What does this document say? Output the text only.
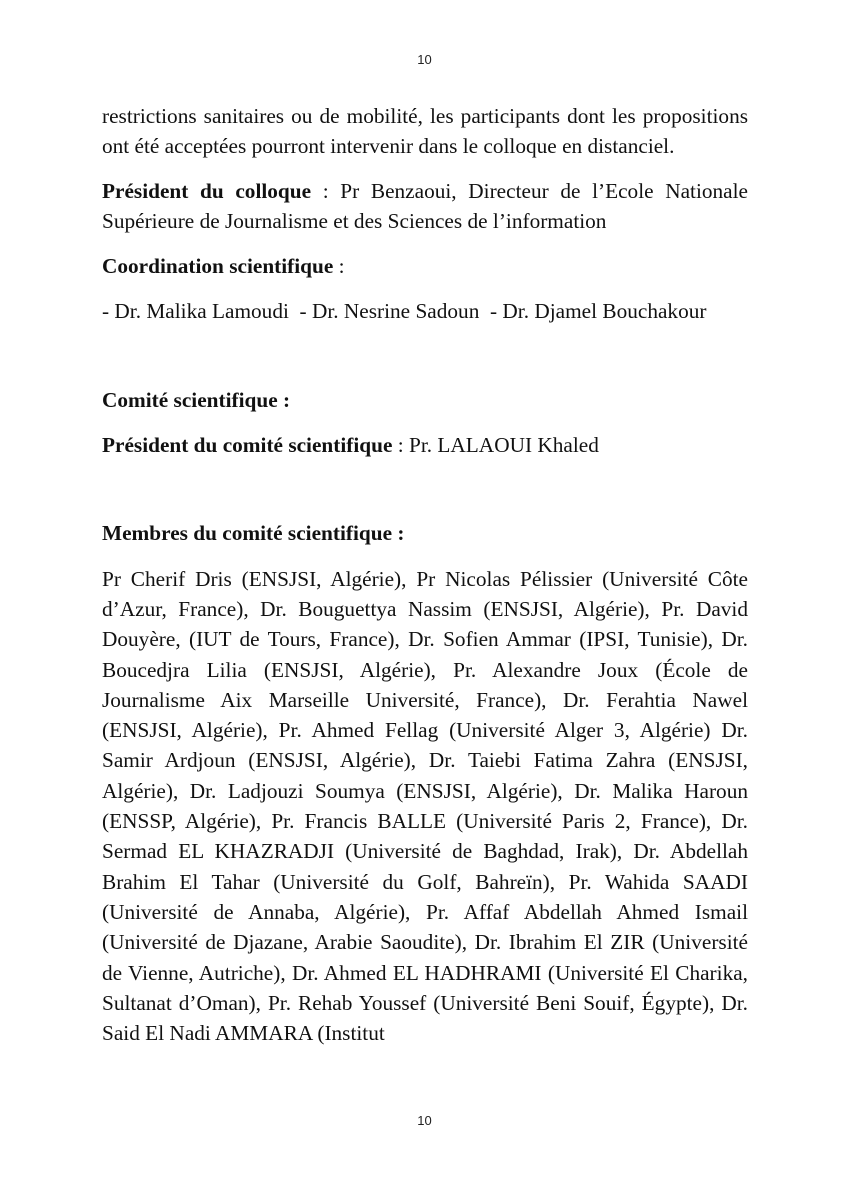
10

restrictions sanitaires ou de mobilité, les participants dont les propositions ont été acceptées pourront intervenir dans le colloque en distanciel.

Président du colloque : Pr Benzaoui, Directeur de l’Ecole Nationale Supérieure de Journalisme et des Sciences de l’information

Coordination scientifique :

- Dr. Malika Lamoudi  - Dr. Nesrine Sadoun  - Dr. Djamel Bouchakour

Comité scientifique :

Président du comité scientifique : Pr. LALAOUI Khaled

Membres du comité scientifique :

Pr Cherif Dris (ENSJSI, Algérie), Pr Nicolas Pélissier (Université Côte d’Azur, France), Dr. Bouguettya Nassim (ENSJSI, Algérie), Pr. David Douyère, (IUT de Tours, France), Dr. Sofien Ammar (IPSI, Tunisie), Dr. Boucedjra Lilia (ENSJSI, Algérie), Pr. Alexandre Joux (École de Journalisme Aix Marseille Université, France), Dr. Ferahtia Nawel (ENSJSI, Algérie), Pr. Ahmed Fellag (Université Alger 3, Algérie) Dr. Samir Ardjoun (ENSJSI, Algérie), Dr. Taiebi Fatima Zahra (ENSJSI, Algérie), Dr. Ladjouzi Soumya (ENSJSI, Algérie), Dr. Malika Haroun (ENSSP, Algérie), Pr. Francis BALLE (Université Paris 2, France), Dr. Sermad EL KHAZRADJI (Université de Baghdad, Irak), Dr. Abdellah Brahim El Tahar (Université du Golf, Bahreïn), Pr. Wahida SAADI (Université de Annaba, Algérie), Pr. Affaf Abdellah Ahmed Ismail (Université de Djazane, Arabie Saoudite), Dr. Ibrahim El ZIR (Université de Vienne, Autriche), Dr. Ahmed EL HADHRAMI (Université El Charika, Sultanat d’Oman), Pr. Rehab Youssef (Université Beni Souif, Égypte), Dr. Said El Nadi AMMARA (Institut

10
